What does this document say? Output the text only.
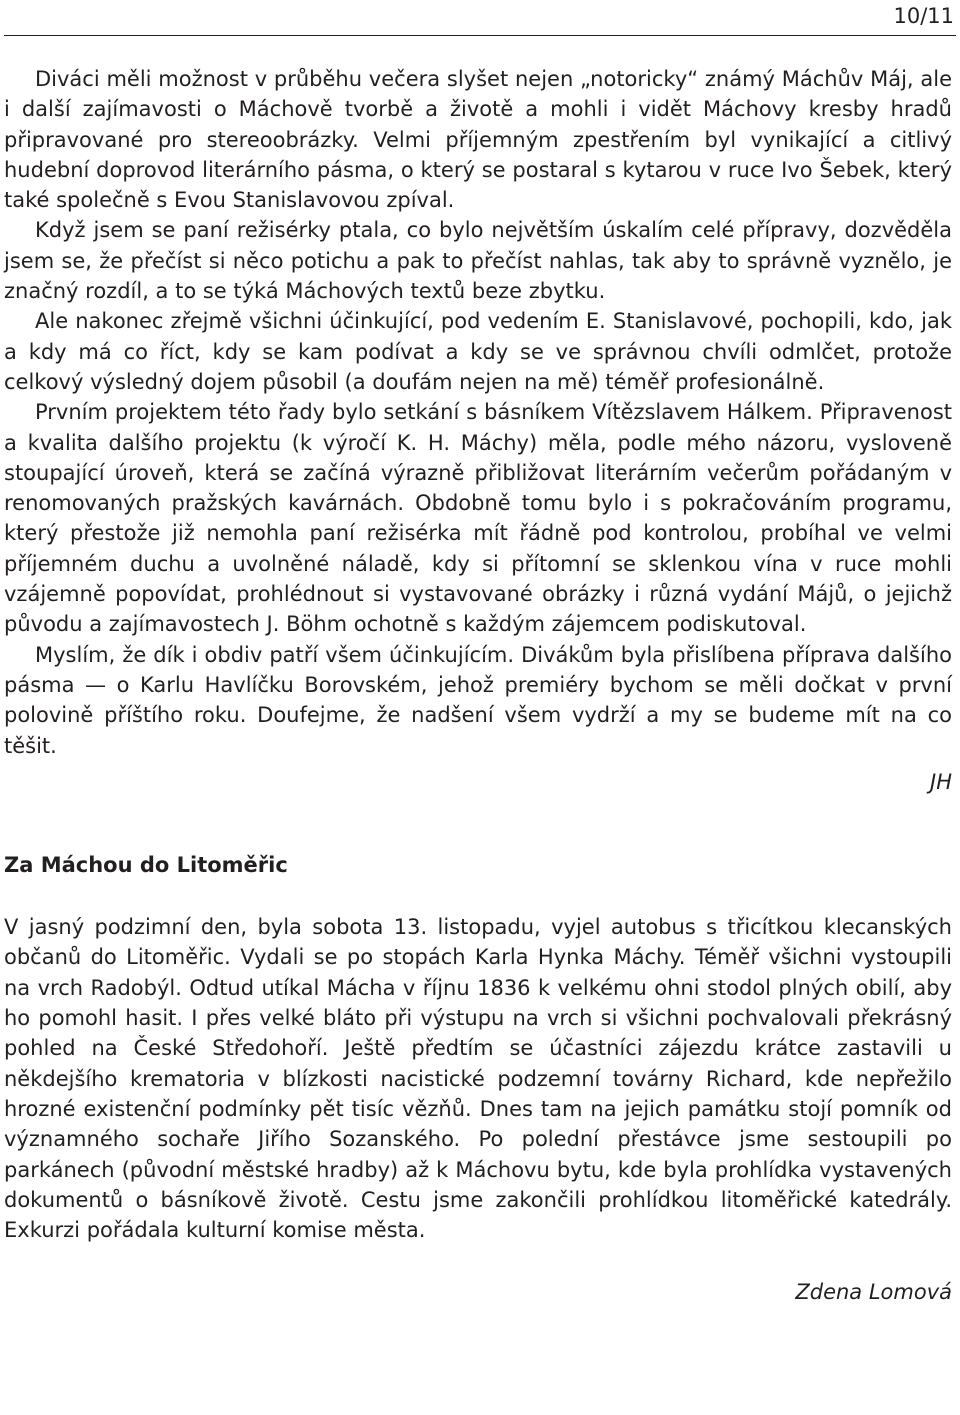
10/11

Diváci měli možnost v průběhu večera slyšet nejen „notoricky“ známý Máchův Máj, ale i další zajímavosti o Máchově tvorbě a životě a mohli i vidět Máchovy kresby hradů připravované pro stereoobrázky. Velmi příjemným zpestřením byl vynikající a citlivý hudební doprovod literárního pásma, o který se postaral s kytarou v ruce Ivo Šebek, který také společně s Evou Stanislavovou zpíval.

Když jsem se paní režisérky ptala, co bylo největším úskalím celé přípravy, dozvěděla jsem se, že přečíst si něco potichu a pak to přečíst nahlas, tak aby to správně vyznělo, je značný rozdíl, a to se týká Máchových textů beze zbytku.

Ale nakonec zřejmě všichni účinkující, pod vedením E. Stanislavové, pochopili, kdo, jak a kdy má co říct, kdy se kam podívat a kdy se ve správnou chvíli odmlčet, protože celkový výsledný dojem působil (a doufám nejen na mě) téměř profesionálně.

Prvním projektem této řady bylo setkání s básníkem Vítězslavem Hálkem. Připravenost a kvalita dalšího projektu (k výročí K. H. Máchy) měla, podle mého názoru, vysloveně stoupající úroveň, která se začíná výrazně přibližovat literárním večerům pořádaným v renomovaných pražských kavárnách. Obdobně tomu bylo i s pokračováním programu, který přestože již nemohla paní režisérka mít řádně pod kontrolou, probíhal ve velmi příjemném duchu a uvolněné náladě, kdy si přítomní se sklenkou vína v ruce mohli vzájemně popovídat, prohlédnout si vystavované obrázky i různá vydání Májů, o jejichž původu a zajímavostech J. Böhm ochotně s každým zájemcem podiskutoval.

Myslím, že dík i obdiv patří všem účinkujícím. Divákům byla přislíbena příprava dalšího pásma — o Karlu Havlíčku Borovském, jehož premiéry bychom se měli dočkat v první polovině příštího roku. Doufejme, že nadšení všem vydrží a my se budeme mít na co těšit.

JH
Za Máchou do Litoměřic

V jasný podzimní den, byla sobota 13. listopadu, vyjel autobus s třicítkou klecanských občanů do Litoměřic. Vydali se po stopách Karla Hynka Máchy. Téměř všichni vystoupili na vrch Radobýl. Odtud utíkal Mácha v říjnu 1836 k velkému ohni stodol plných obilí, aby ho pomohl hasit. I přes velké bláto při výstupu na vrch si všichni pochvalovali překrásný pohled na České Středohoří. Ještě předtím se účastníci zájezdu krátce zastavili u někdejšího krematoria v blízkosti nacistické podzemní továrny Richard, kde nepřežilo hrozné existenční podmínky pět tisíc vězňů. Dnes tam na jejich památku stojí pomník od významného sochaře Jiřího Sozanského. Po polední přestávce jsme sestoupili po parkánech (původní městské hradby) až k Máchovu bytu, kde byla prohlídka vystavených dokumentů o básníkově životě. Cestu jsme zakončili prohlídkou litoměřické katedrály. Exkurzi pořádala kulturní komise města.

Zdena Lomová
